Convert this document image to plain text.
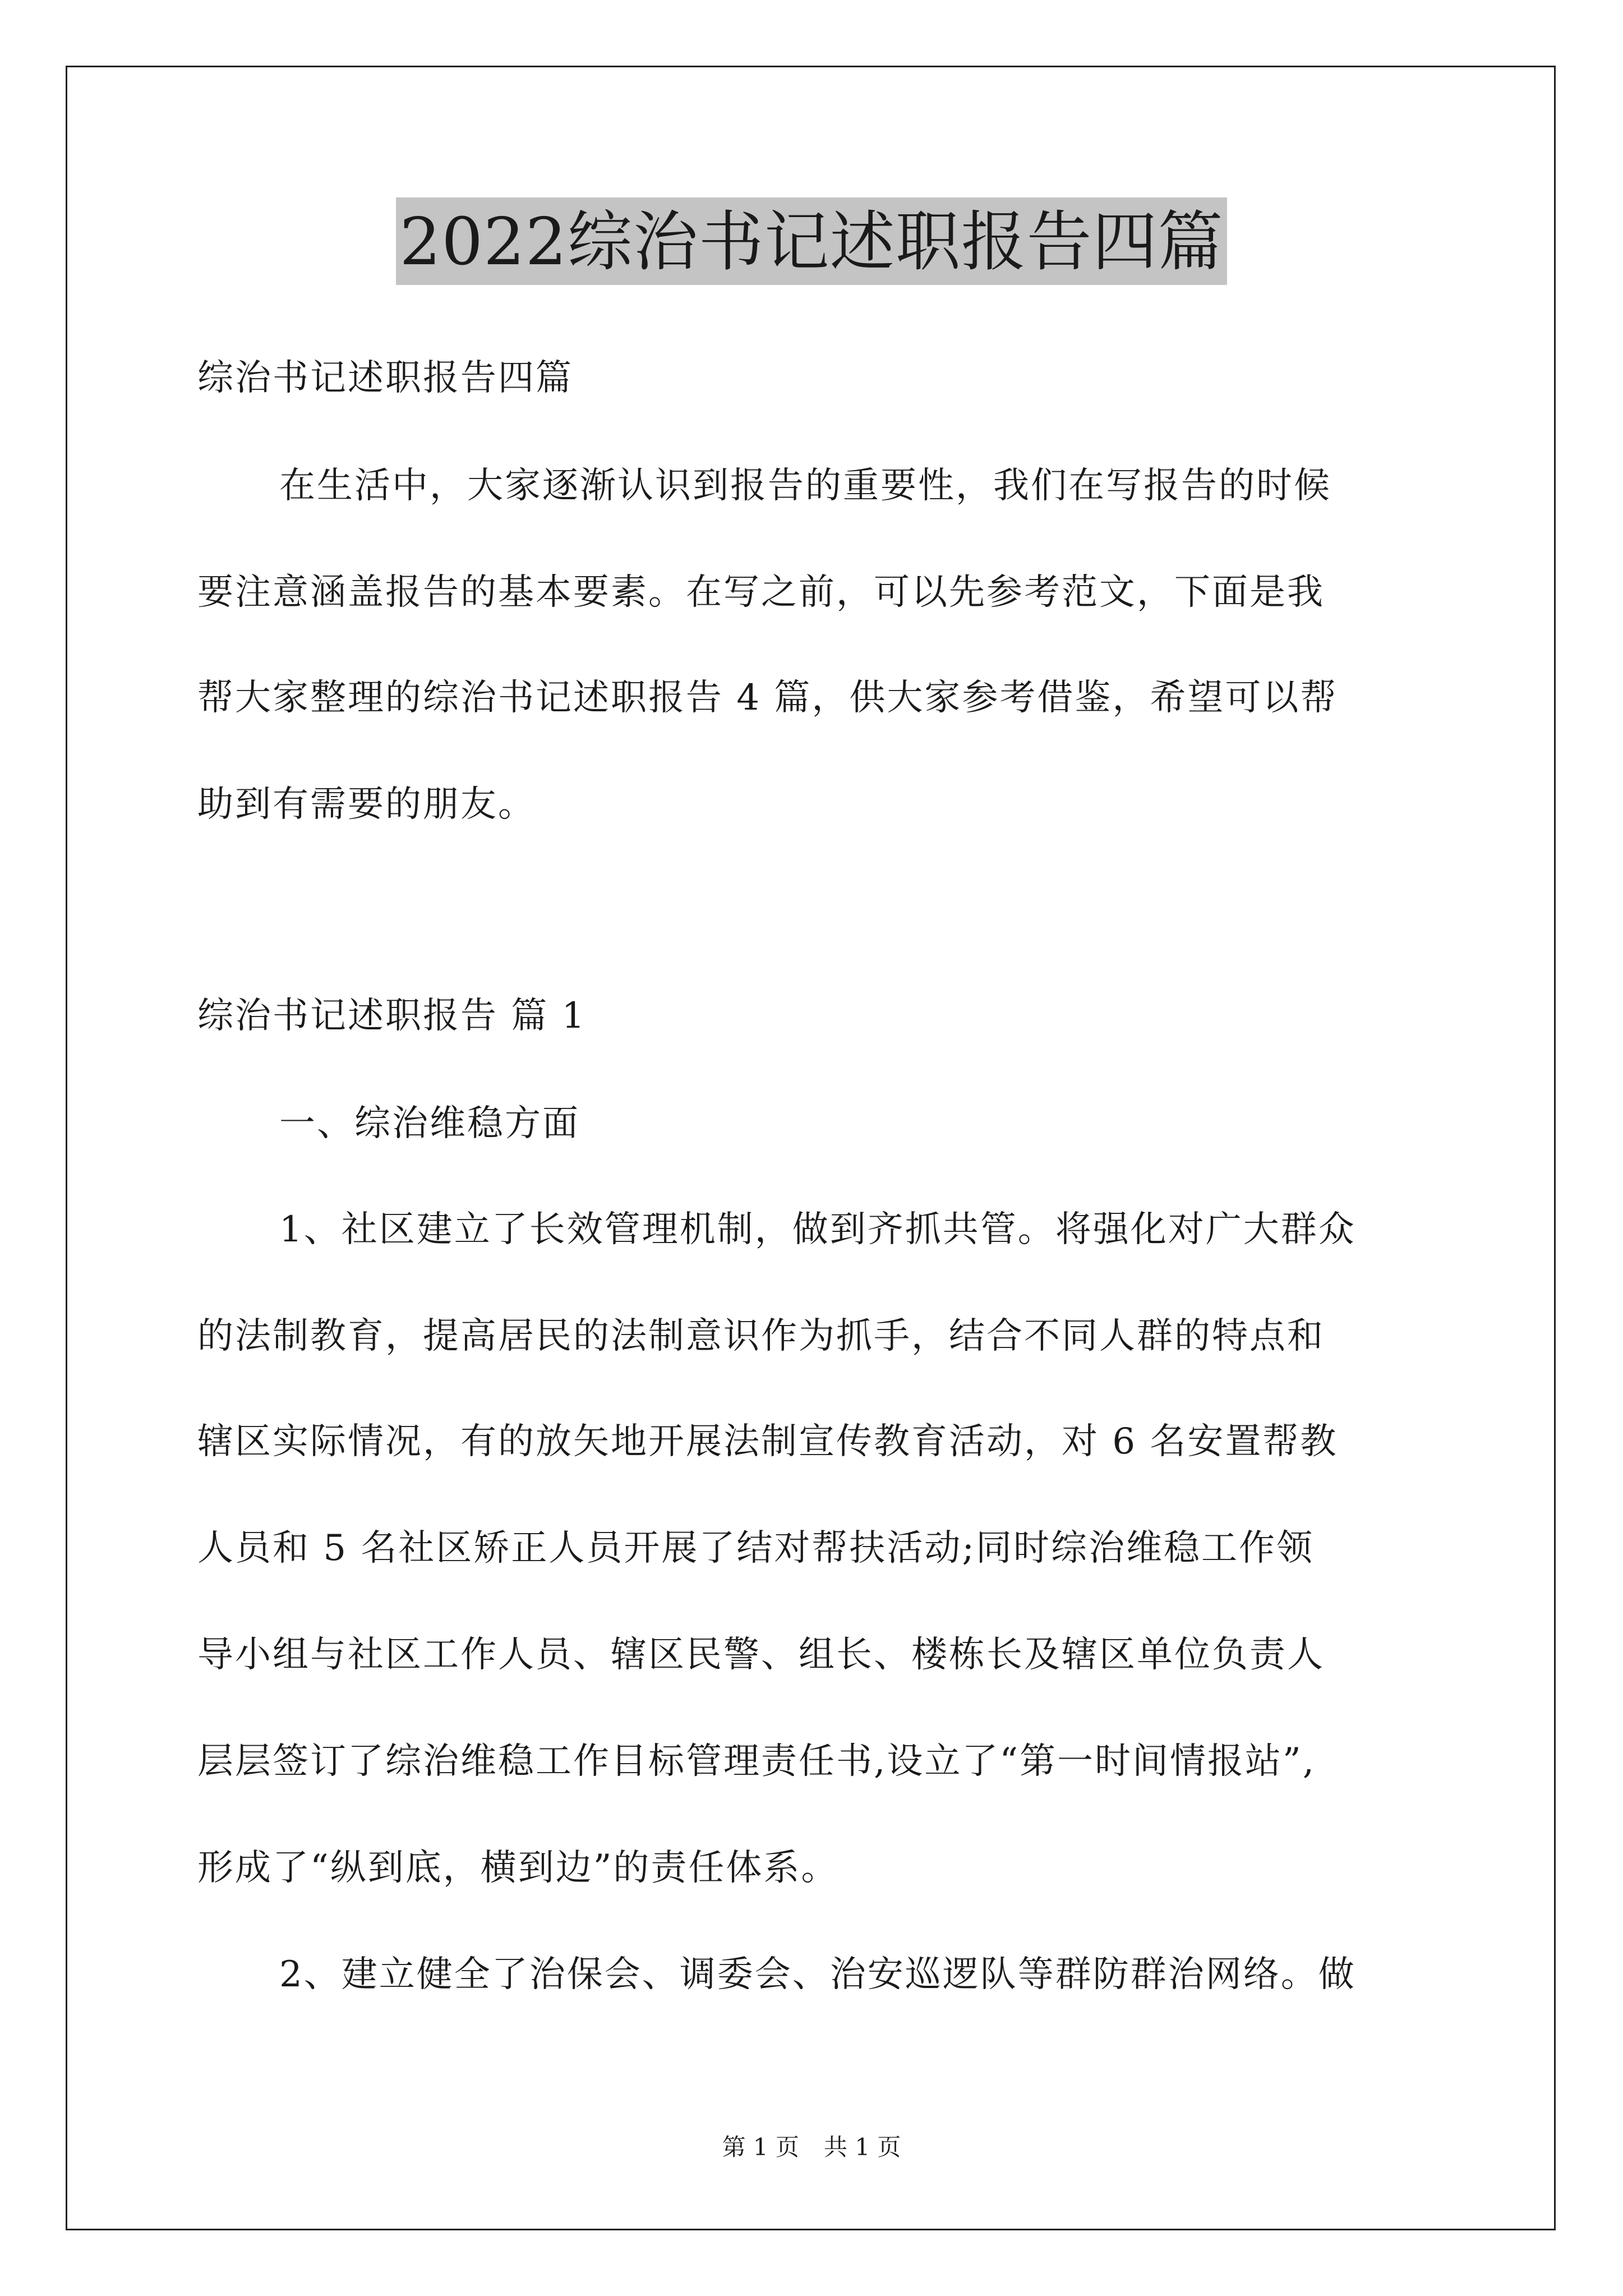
2022综治书记述职报告四篇
综治书记述职报告四篇
在生活中，大家逐渐认识到报告的重要性，我们在写报告的时候
要注意涵盖报告的基本要素。在写之前，可以先参考范文，下面是我
帮大家整理的综治书记述职报告 4 篇，供大家参考借鉴，希望可以帮
助到有需要的朋友。
综治书记述职报告 篇 1
一、综治维稳方面
1、社区建立了长效管理机制，做到齐抓共管。将强化对广大群众
的法制教育，提高居民的法制意识作为抓手，结合不同人群的特点和
辖区实际情况，有的放矢地开展法制宣传教育活动，对 6 名安置帮教
人员和 5 名社区矫正人员开展了结对帮扶活动;同时综治维稳工作领
导小组与社区工作人员、辖区民警、组长、楼栋长及辖区单位负责人
层层签订了综治维稳工作目标管理责任书,设立了“第一时间情报站”,
形成了“纵到底，横到边”的责任体系。
2、建立健全了治保会、调委会、治安巡逻队等群防群治网络。做
第 1 页 共 1 页
